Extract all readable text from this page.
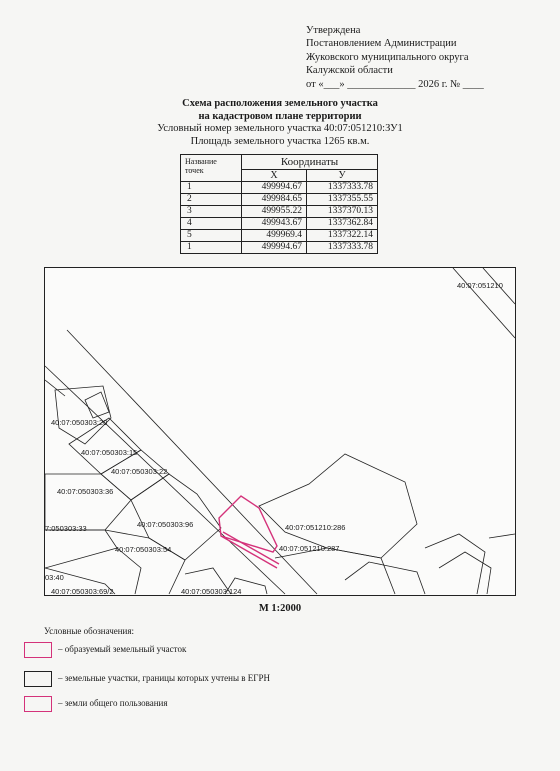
Утверждена
Постановлением Администрации
Жуковского муниципального округа
Калужской области
от «___» _____________ 2026 г. № ____
Схема расположения земельного участка
на кадастровом плане территории
Условный номер земельного участка 40:07:051210:ЗУ1
Площадь земельного участка 1265 кв.м.
Название точек	Координаты	
	Х	У
1	499994.67	1337333.78
2	499984.65	1337355.55
3	499955.22	1337370.13
4	499943.67	1337362.84
5	499969.4	1337322.14
1	499994.67	1337333.78
40:07:051210
40:07:050303:20
40:07:050303:15
40:07:050303:22
40:07:050303:36
7:050303:33	40:07:050303:96
40:07:050303:54
40:07:051210:286
40:07:051210:287
03:40
40:07:050303:69/2	40:07:050303:124
М 1:2000
Условные обозначения:
– образуемый земельный участок
– земельные участки, границы которых учтены в ЕГРН
– земли общего пользования
